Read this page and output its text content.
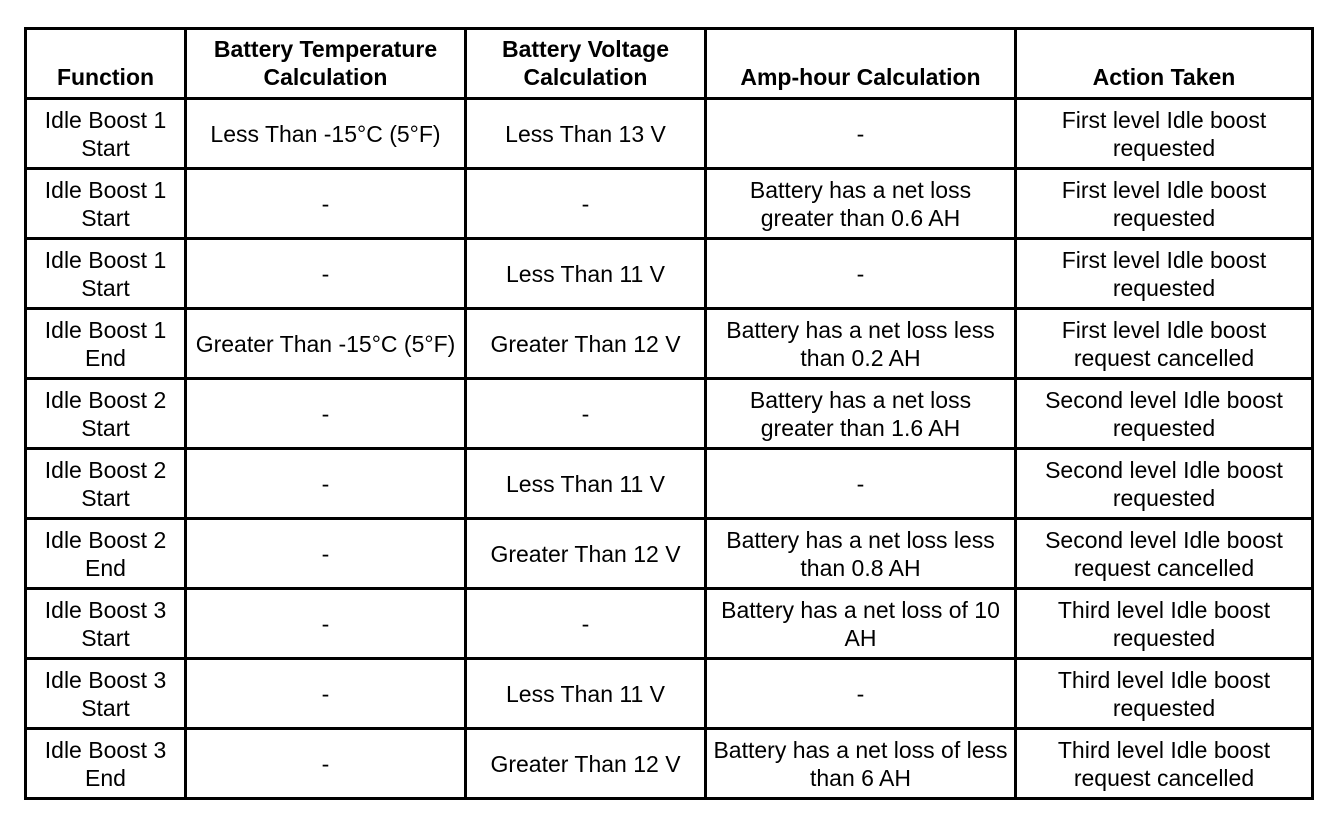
Function	Battery Temperature Calculation	Battery Voltage Calculation	Amp-hour Calculation	Action Taken
Idle Boost 1 Start	Less Than -15°C (5°F)	Less Than 13 V	-	First level Idle boost requested
Idle Boost 1 Start	-	-	Battery has a net loss greater than 0.6 AH	First level Idle boost requested
Idle Boost 1 Start	-	Less Than 11 V	-	First level Idle boost requested
Idle Boost 1 End	Greater Than -15°C (5°F)	Greater Than 12 V	Battery has a net loss less than 0.2 AH	First level Idle boost request cancelled
Idle Boost 2 Start	-	-	Battery has a net loss greater than 1.6 AH	Second level Idle boost requested
Idle Boost 2 Start	-	Less Than 11 V	-	Second level Idle boost requested
Idle Boost 2 End	-	Greater Than 12 V	Battery has a net loss less than 0.8 AH	Second level Idle boost request cancelled
Idle Boost 3 Start	-	-	Battery has a net loss of 10 AH	Third level Idle boost requested
Idle Boost 3 Start	-	Less Than 11 V	-	Third level Idle boost requested
Idle Boost 3 End	-	Greater Than 12 V	Battery has a net loss of less than 6 AH	Third level Idle boost request cancelled
